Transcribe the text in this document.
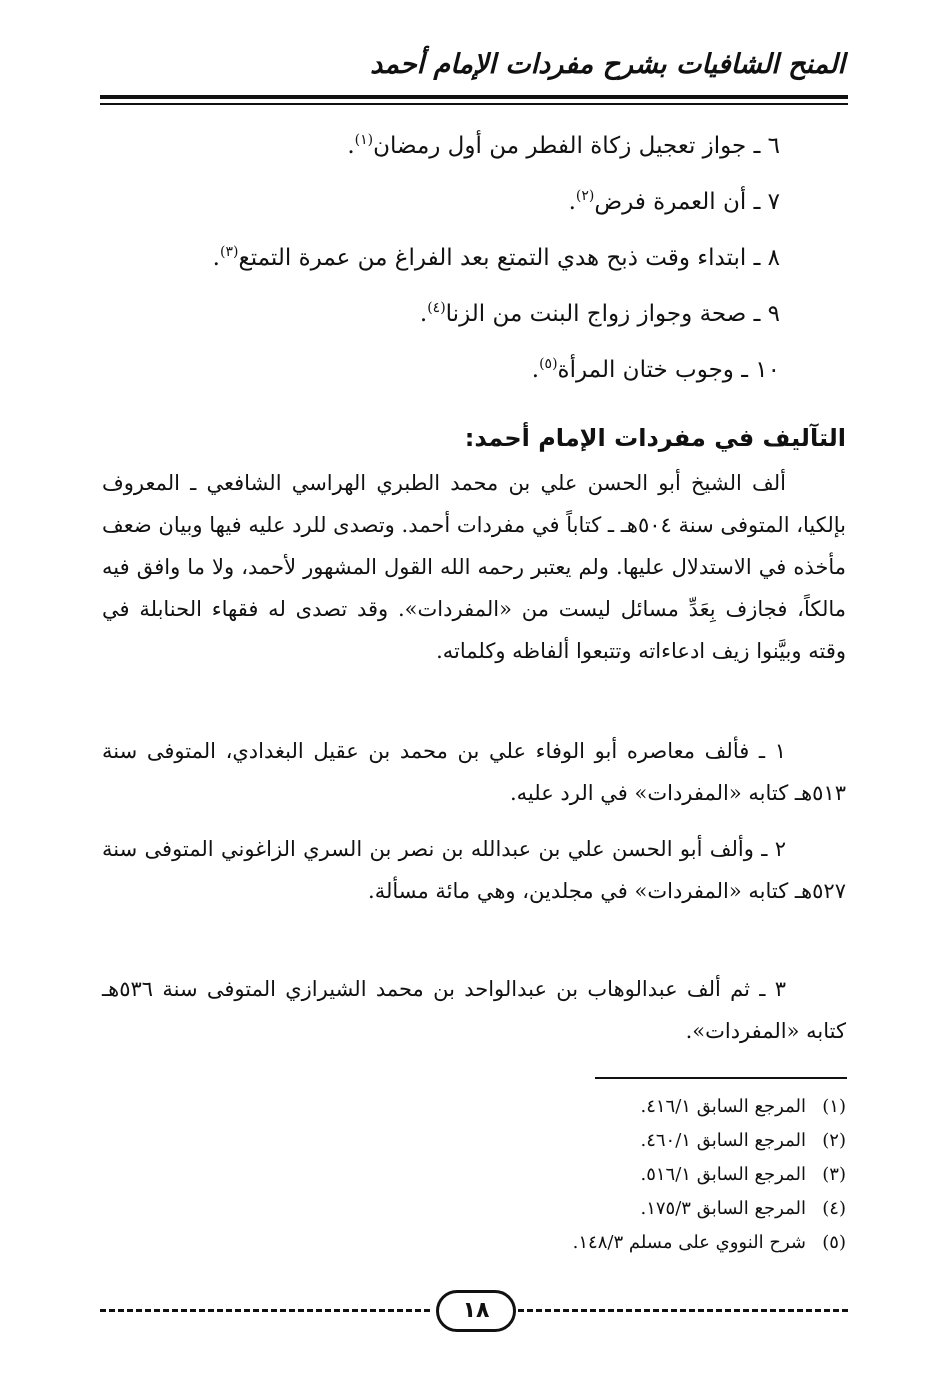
المنح الشافيات بشرح مفردات الإمام أحمد
٦ ـ جواز تعجيل زكاة الفطر من أول رمضان$^{(١)}$.
٧ ـ أن العمرة فرض$^{(٢)}$.
٨ ـ ابتداء وقت ذبح هدي التمتع بعد الفراغ من عمرة التمتع$^{(٣)}$.
٩ ـ صحة وجواز زواج البنت من الزنا$^{(٤)}$.
١٠ ـ وجوب ختان المرأة$^{(٥)}$.
التآليف في مفردات الإمام أحمد:
ألف الشيخ أبو الحسن علي بن محمد الطبري الهراسي الشافعي ـ المعروف بإلكيا، المتوفى سنة ٥٠٤هـ ـ كتاباً في مفردات أحمد. وتصدى للرد عليه فيها وبيان ضعف مأخذه في الاستدلال عليها. ولم يعتبر رحمه الله القول المشهور لأحمد، ولا ما وافق فيه مالكاً، فجازف بِعَدِّ مسائل ليست من «المفردات». وقد تصدى له فقهاء الحنابلة في وقته وبيَّنوا زيف ادعاءاته وتتبعوا ألفاظه وكلماته.
١ ـ فألف معاصره أبو الوفاء علي بن محمد بن عقيل البغدادي، المتوفى سنة ٥١٣هـ كتابه «المفردات» في الرد عليه.
٢ ـ وألف أبو الحسن علي بن عبدالله بن نصر بن السري الزاغوني المتوفى سنة ٥٢٧هـ كتابه «المفردات» في مجلدين، وهي مائة مسألة.
٣ ـ ثم ألف عبدالوهاب بن عبدالواحد بن محمد الشيرازي المتوفى سنة ٥٣٦هـ كتابه «المفردات».
(١)المرجع السابق ٤١٦/١.
(٢)المرجع السابق ٤٦٠/١.
(٣)المرجع السابق ٥١٦/١.
(٤)المرجع السابق ١٧٥/٣.
(٥)شرح النووي على مسلم ١٤٨/٣.
١٨
